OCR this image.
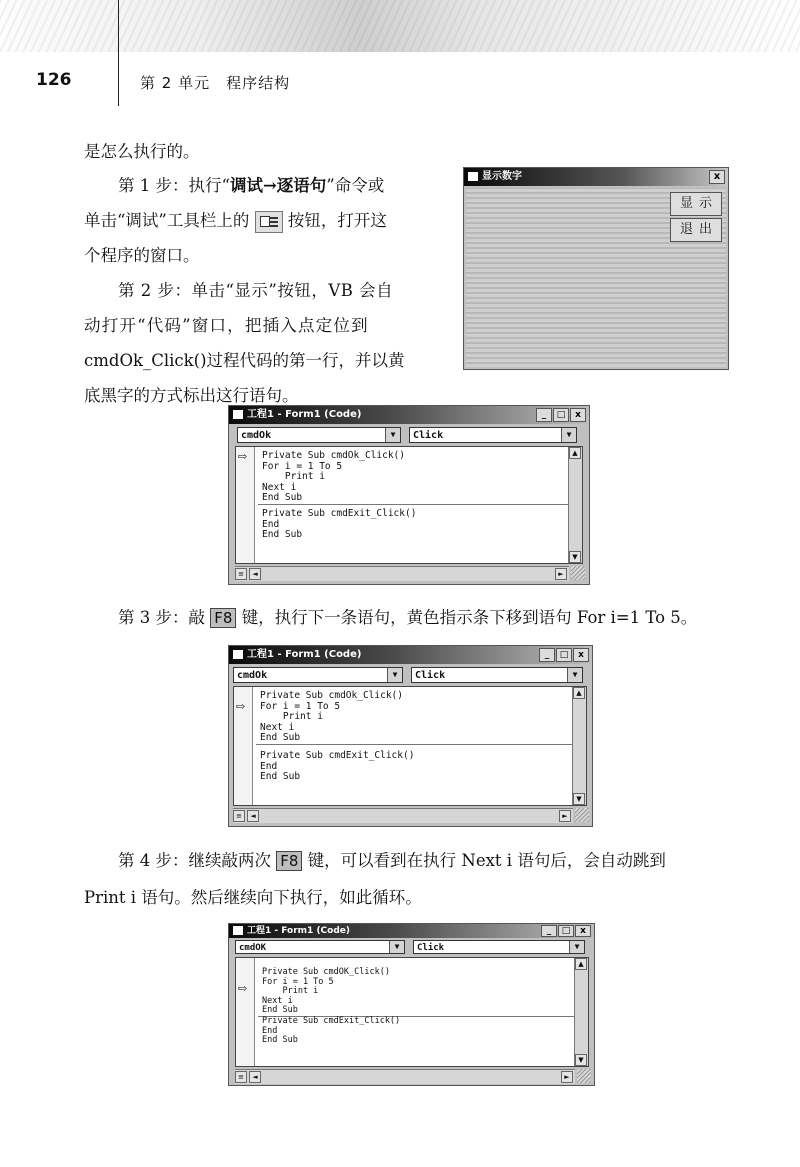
126	第 2 单元　程序结构

是怎么执行的。

第 1 步：执行“调试→逐语句”命令或

单击“调试”工具栏上的 按钮，打开这

个程序的窗口。

第 2 步：单击“显示”按钮，VB 会自

动打开“代码”窗口，把插入点定位到

cmdOk_Click()过程代码的第一行，并以黄

底黑字的方式标出这行语句。

显示数字	x
显示
退出
工程1 - Form1 (Code)	_	□	x
cmdOk	▼	Click	▼
⇨ Private Sub cmdOk_Click()
For i = 1 To 5
Print i
Next i
End Sub
Private Sub cmdExit_Click()
End
End Sub
▲
▼
≡	◄	►

第 3 步：敲 F8 键，执行下一条语句，黄色指示条下移到语句 For i=1 To 5。

工程1 - Form1 (Code)	_	□	x
cmdOk	▼	Click	▼
⇨
Private Sub cmdOk_Click()
For i = 1 To 5
Print i
Next i
End Sub
Private Sub cmdExit_Click()
End
End Sub
▲
▼
≡	◄	►

第 4 步：继续敲两次 F8 键，可以看到在执行 Next i 语句后，会自动跳到

Print i 语句。然后继续向下执行，如此循环。

工程1 - Form1 (Code)	_	□	x
cmdOK	▼	Click	▼
⇨
Private Sub cmdOK_Click()
For i = 1 To 5
Print i
Next i
End Sub
Private Sub cmdExit_Click()
End
End Sub
▲
▼
≡	◄	►
